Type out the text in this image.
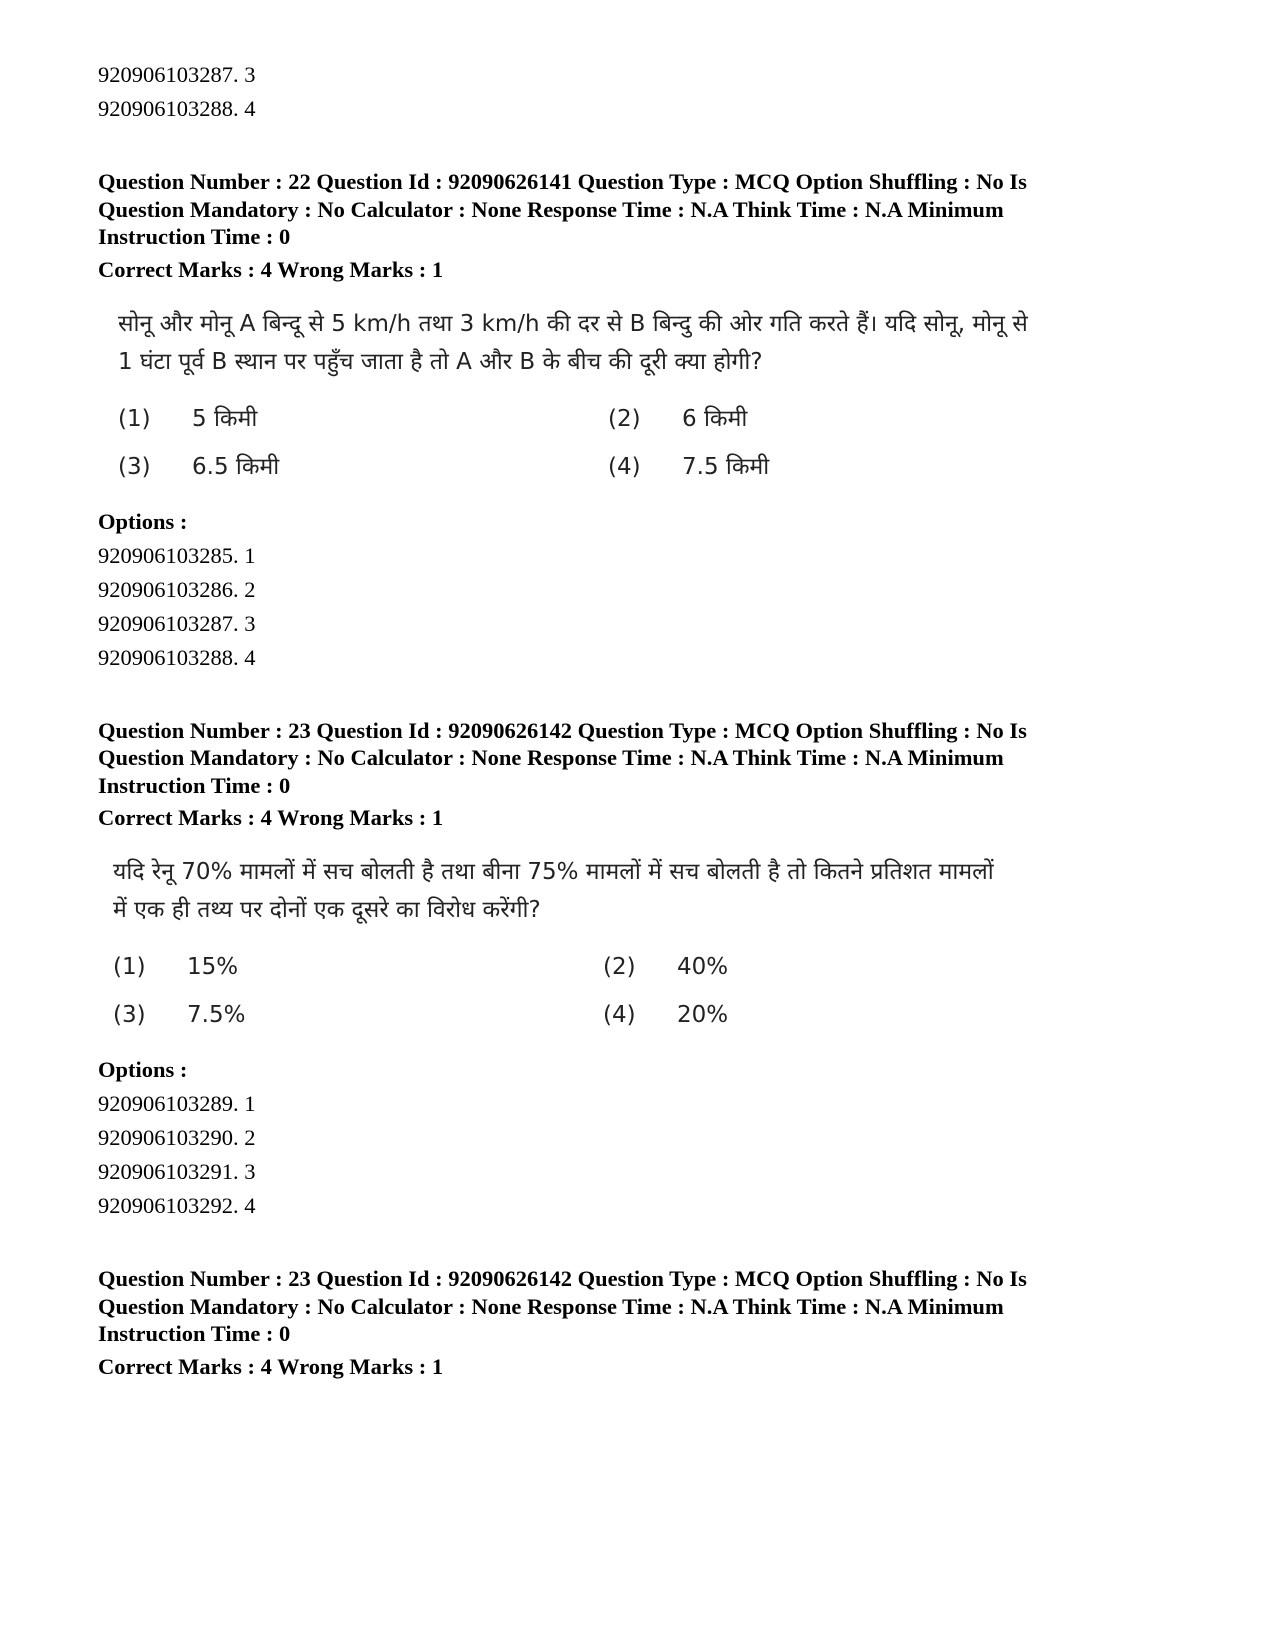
920906103287. 3
920906103288. 4
Question Number : 22 Question Id : 92090626141 Question Type : MCQ Option Shuffling : No Is
Question Mandatory : No Calculator : None Response Time : N.A Think Time : N.A Minimum
Instruction Time : 0
Correct Marks : 4 Wrong Marks : 1
सोनू और मोनू A बिन्दू से 5 km/h तथा 3 km/h की दर से B बिन्दु की ओर गति करते हैं। यदि सोनू, मोनू से
1 घंटा पूर्व B स्थान पर पहुँच जाता है तो A और B के बीच की दूरी क्या होगी?
(1)	5 किमी	(2)	6 किमी
(3)	6.5 किमी	(4)	7.5 किमी
Options :
920906103285. 1
920906103286. 2
920906103287. 3
920906103288. 4
Question Number : 23 Question Id : 92090626142 Question Type : MCQ Option Shuffling : No Is
Question Mandatory : No Calculator : None Response Time : N.A Think Time : N.A Minimum
Instruction Time : 0
Correct Marks : 4 Wrong Marks : 1
यदि रेनू 70% मामलों में सच बोलती है तथा बीना 75% मामलों में सच बोलती है तो कितने प्रतिशत मामलों
में एक ही तथ्य पर दोनों एक दूसरे का विरोध करेंगी?
(1)	15%	(2)	40%
(3)	7.5%	(4)	20%
Options :
920906103289. 1
920906103290. 2
920906103291. 3
920906103292. 4
Question Number : 23 Question Id : 92090626142 Question Type : MCQ Option Shuffling : No Is
Question Mandatory : No Calculator : None Response Time : N.A Think Time : N.A Minimum
Instruction Time : 0
Correct Marks : 4 Wrong Marks : 1
